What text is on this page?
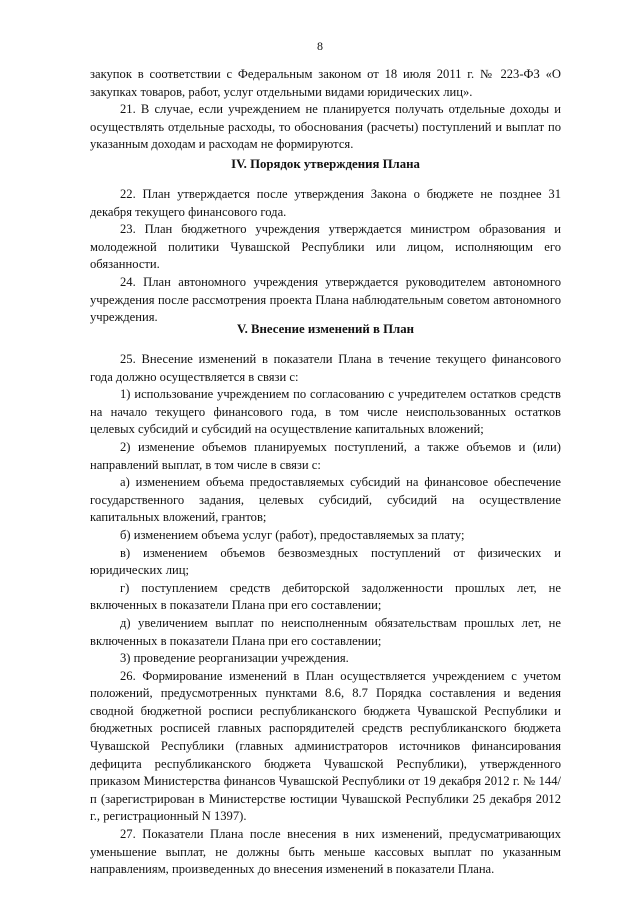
8

закупок в соответствии с Федеральным законом от 18 июля 2011 г. № 223-ФЗ «О закупках товаров, работ, услуг отдельными видами юридических лиц».

21. В случае, если учреждением не планируется получать отдельные доходы и осуществлять отдельные расходы, то обоснования (расчеты) поступлений и выплат по указанным доходам и расходам не формируются.

IV. Порядок утверждения Плана

22. План утверждается после утверждения Закона о бюджете не позднее 31 декабря текущего финансового года.

23. План бюджетного учреждения утверждается министром образования и молодежной политики Чувашской Республики или лицом, исполняющим его обязанности.

24. План автономного учреждения утверждается руководителем автономного учреждения после рассмотрения проекта Плана наблюдательным советом автономного учреждения.

V. Внесение изменений в План

25. Внесение изменений в показатели Плана в течение текущего финансового года должно осуществляется в связи с:

1) использование учреждением по согласованию с учредителем остатков средств на начало текущего финансового года, в том числе неиспользованных остатков целевых субсидий и субсидий на осуществление капитальных вложений;

2) изменение объемов планируемых поступлений, а также объемов и (или) направлений выплат, в том числе в связи с:

а) изменением объема предоставляемых субсидий на финансовое обеспечение государственного задания, целевых субсидий, субсидий на осуществление капитальных вложений, грантов;

б) изменением объема услуг (работ), предоставляемых за плату;

в) изменением объемов безвозмездных поступлений от физических и юридических лиц;

г) поступлением средств дебиторской задолженности прошлых лет, не включенных в показатели Плана при его составлении;

д) увеличением выплат по неисполненным обязательствам прошлых лет, не включенных в показатели Плана при его составлении;

3) проведение реорганизации учреждения.

26. Формирование изменений в План осуществляется учреждением с учетом положений, предусмотренных пунктами 8.6, 8.7 Порядка составления и ведения сводной бюджетной росписи республиканского бюджета Чувашской Республики и бюджетных росписей главных распорядителей средств республиканского бюджета Чувашской Республики (главных администраторов источников финансирования дефицита республиканского бюджета Чувашской Республики), утвержденного приказом Министерства финансов Чувашской Республики от 19 декабря 2012 г. № 144/п (зарегистрирован в Министерстве юстиции Чувашской Республики 25 декабря 2012 г., регистрационный N 1397).

27. Показатели Плана после внесения в них изменений, предусматривающих уменьшение выплат, не должны быть меньше кассовых выплат по указанным направлениям, произведенных до внесения изменений в показатели Плана.
